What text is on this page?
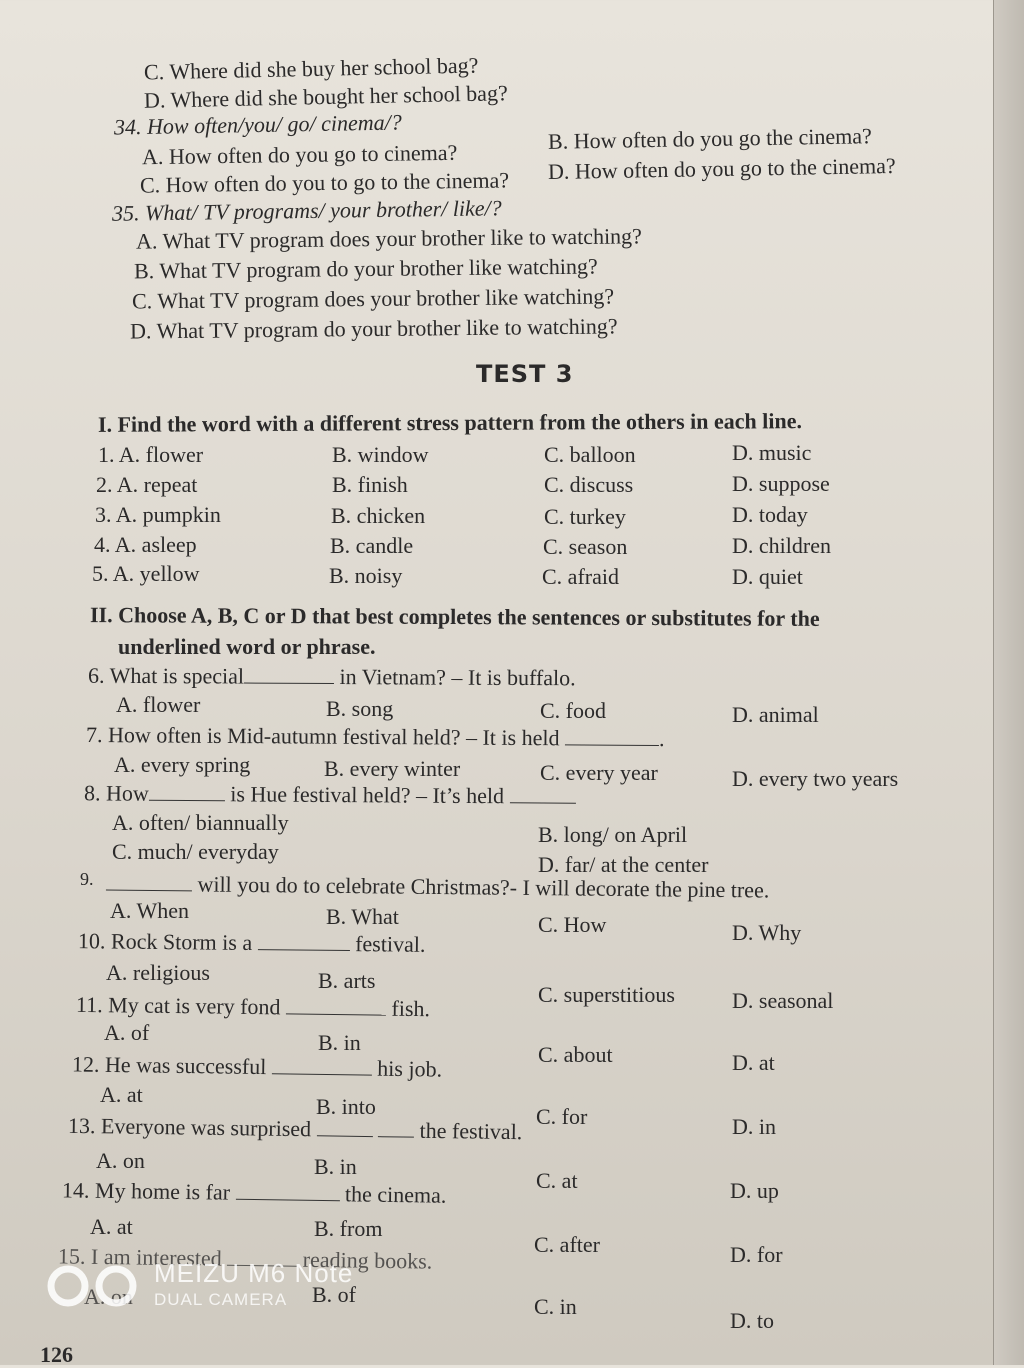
C. Where did she buy her school bag?
D. Where did she bought her school bag?
34. How often/you/ go/ cinema/?
A. How often do you go to cinema?
B. How often do you go the cinema?
C. How often do you to go to the cinema? D. How often do you go to the cinema?
35. What/ TV programs/ your brother/ like/?
A. What TV program does your brother like to watching?
B. What TV program do your brother like watching?
C. What TV program does your brother like watching?
D. What TV program do your brother like to watching?
TEST 3
I. Find the word with a different stress pattern from the others in each line.
1. A. flower	B. window	C. balloon	D. music
2. A. repeat	B. finish	C. discuss	D. suppose
3. A. pumpkin	B. chicken	C. turkey	D. today
4. A. asleep	B. candle	C. season	D. children
5. A. yellow	B. noisy	C. afraid	D. quiet
II. Choose A, B, C or D that best completes the sentences or substitutes for the
underlined word or phrase.
6. What is special	in Vietnam? – It is buffalo.
A. flower	B. song	C. food	D. animal
7. How often is Mid-autumn festival held? – It is held	.
A. every spring	B. every winter	C. every year	D. every two years
8. How	is Hue festival held? – It’s held
A. often/ biannually	B. long/ on April
C. much/ everyday
D. far/ at the center
9.	will you do to celebrate Christmas?- I will decorate the pine tree.
A. When	B. What	C. How	D. Why
10. Rock Storm is a	festival.
A. religious	B. arts
C. superstitious	D. seasonal
11. My cat is very fond	fish.
A. of	B. in	C. about	D. at
12. He was successful	his job.
A. at	B. into	C. for	D. in
13. Everyone was surprised	the festival.
A. on	B. in
C. at	D. up
14. My home is far	the cinema.
A. at	B. from
C. after	D. for
15. I am interested	reading books.
A. on	B. of	C. in
D. to
126
MEIZU M6 Note
DUAL CAMERA
